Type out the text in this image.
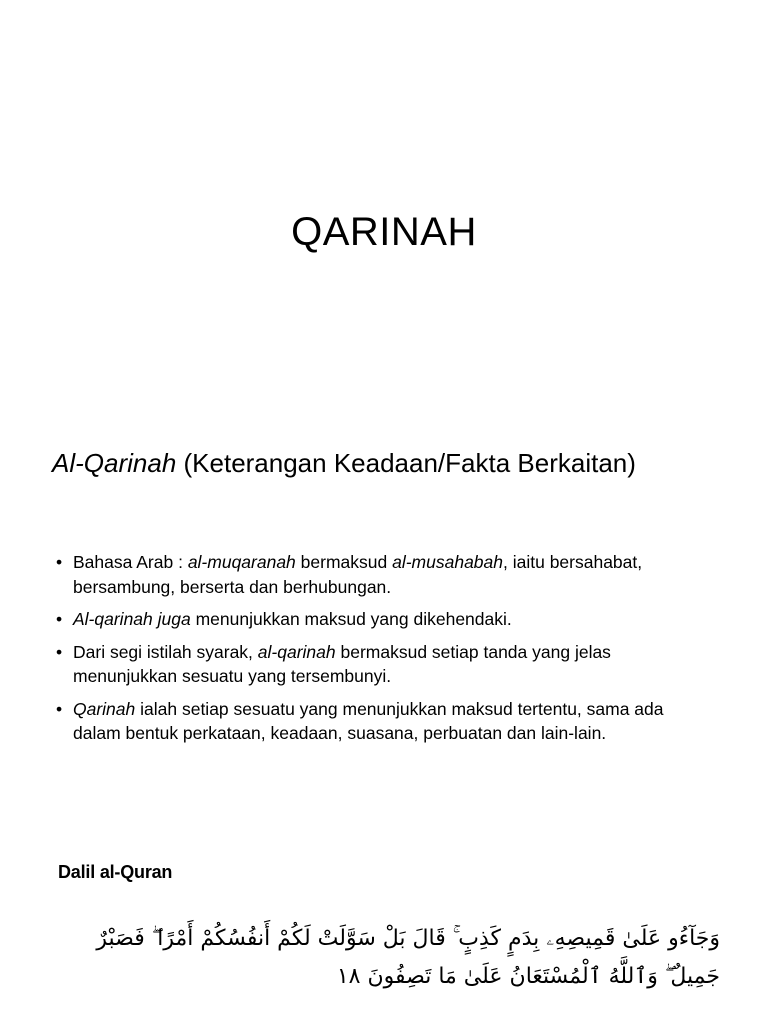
QARINAH
Al-Qarinah (Keterangan Keadaan/Fakta Berkaitan)
• Bahasa Arab : al-muqaranah bermaksud al-musahabah, iaitu bersahabat, bersambung, berserta dan berhubungan.
• Al-qarinah juga menunjukkan maksud yang dikehendaki.
• Dari segi istilah syarak, al-qarinah bermaksud setiap tanda yang jelas menunjukkan sesuatu yang tersembunyi.
• Qarinah ialah setiap sesuatu yang menunjukkan maksud tertentu, sama ada dalam bentuk perkataan, keadaan, suasana, perbuatan dan lain-lain.
Dalil al-Quran
وَجَآءُو عَلَىٰ قَمِيصِهِۦ بِدَمٍ كَذِبٍ ۚ قَالَ بَلْ سَوَّلَتْ لَكُمْ أَنفُسُكُمْ أَمْرًا ۖ فَصَبْرٌ جَمِيلٌ ۖ وَٱللَّهُ ٱلْمُسْتَعَانُ عَلَىٰ مَا تَصِفُونَ ١٨
